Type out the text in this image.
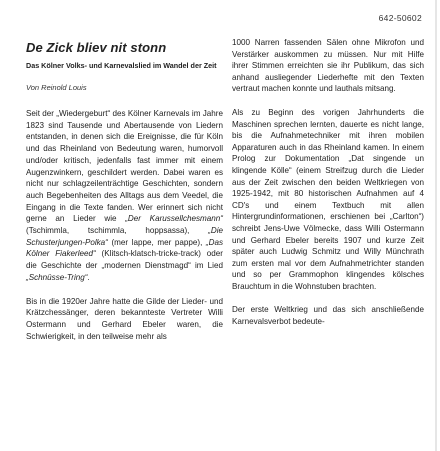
642-50602
De Zick bliev nit stonn
Das Kölner Volks- und Karnevalslied im Wandel der Zeit
Von Reinold Louis

Seit der „Wiedergeburt“ des Kölner Karnevals im Jahre 1823 sind Tausende und Abertausende von Liedern entstanden, in denen sich die Ereignisse, die für Köln und das Rheinland von Bedeutung waren, humorvoll und/oder kritisch, jedenfalls fast immer mit einem Augenzwinkern, geschildert werden. Dabei waren es nicht nur schlagzeilenträchtige Geschichten, sondern auch Begebenheiten des Alltags aus dem Veedel, die Eingang in die Texte fanden. Wer erinnert sich nicht gerne an Lieder wie „Der Karussellchesmann“ (Tschimmla, tschimmla, hoppsassa), „Die Schusterjungen-Polka“ (mer lappe, mer pappe), „Das Kölner Fiakerleed“ (Klitsch-klatsch-tricke-track) oder die Geschichte der „modernen Dienstmagd“ im Lied „Schnüsse-Tring“.

Bis in die 1920er Jahre hatte die Gilde der Lieder- und Krätzchessänger, deren bekannteste Vertreter Willi Ostermann und Gerhard Ebeler waren, die Schwierigkeit, in den teilweise mehr als

1000 Narren fassenden Sälen ohne Mikrofon und Verstärker auskommen zu müssen. Nur mit Hilfe ihrer Stimmen erreichten sie ihr Publikum, das sich anhand ausliegender Liederhefte mit den Texten vertraut machen konnte und lauthals mitsang.

Als zu Beginn des vorigen Jahrhunderts die Maschinen sprechen lernten, dauerte es nicht lange, bis die Aufnahmetechniker mit ihren mobilen Apparaturen auch in das Rheinland kamen. In einem Prolog zur Dokumentation „Dat singende un klingende Kölle“ (einem Streifzug durch die Lieder aus der Zeit zwischen den beiden Weltkriegen von 1925-1942, mit 80 historischen Aufnahmen auf 4 CD's und einem Textbuch mit allen Hintergrundinformationen, erschienen bei „Carlton“) schreibt Jens-Uwe Völmecke, dass Willi Ostermann und Gerhard Ebeler bereits 1907 und kurze Zeit später auch Ludwig Schmitz und Willy Münchrath zum ersten mal vor dem Aufnahmetrichter standen und so per Grammophon klingendes kölsches Brauchtum in die Wohnstuben brachten.

Der erste Weltkrieg und das sich anschließende Karnevalsverbot bedeute-
